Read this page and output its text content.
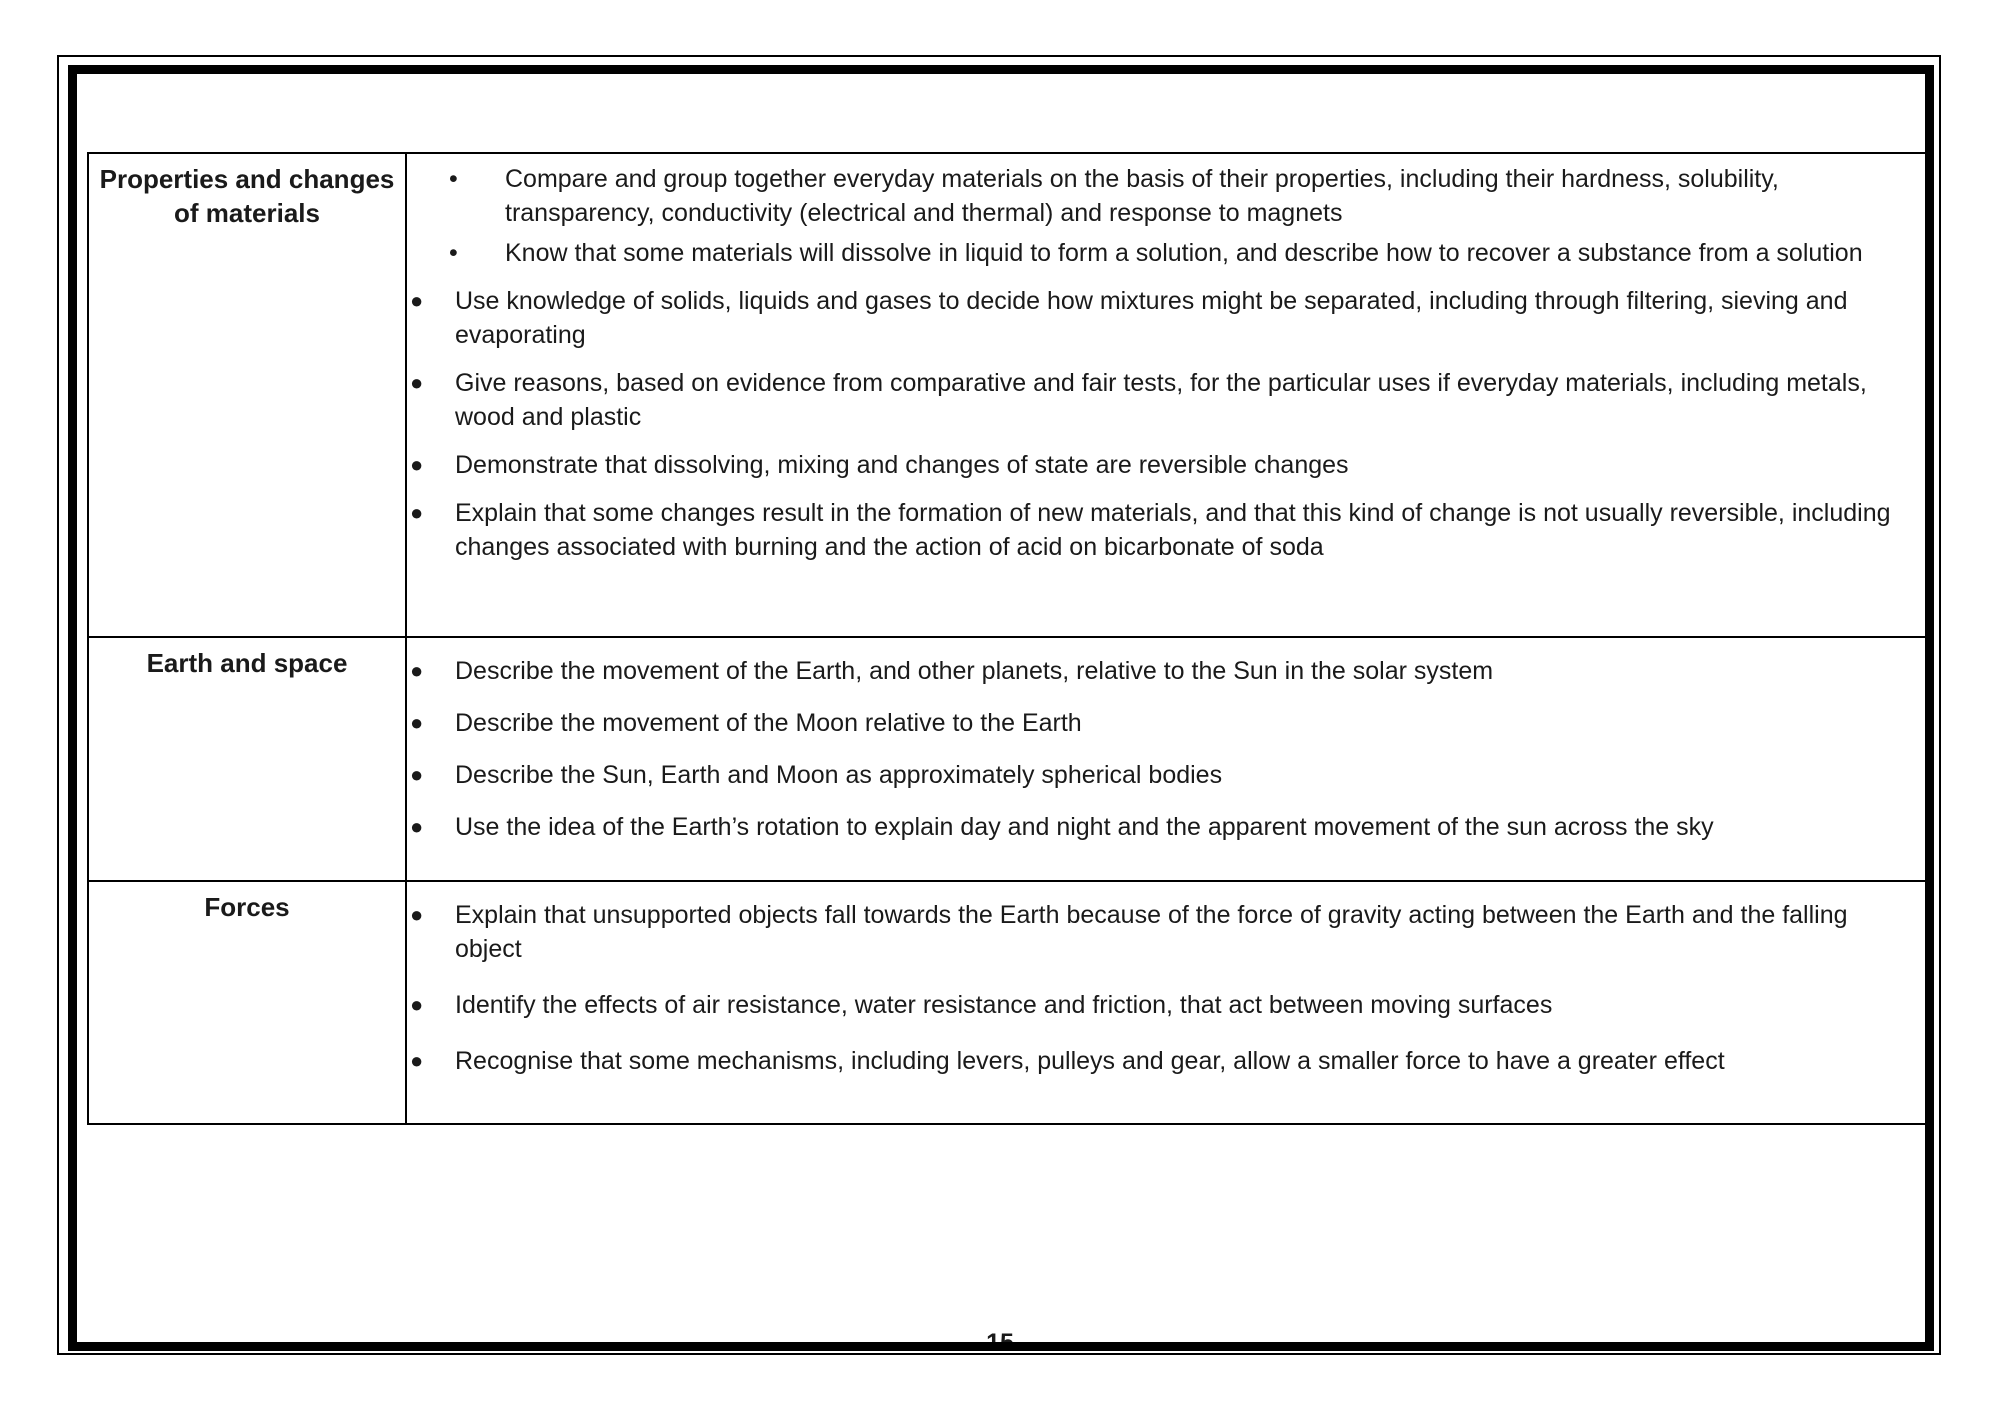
15
Properties and changes of materials
•	Compare and group together everyday materials on the basis of their properties, including their hardness, solubility, transparency, conductivity (electrical and thermal) and response to magnets
•	Know that some materials will dissolve in liquid to form a solution, and describe how to recover a substance from a solution
●	Use knowledge of solids, liquids and gases to decide how mixtures might be separated, including through filtering, sieving and evaporating
●	Give reasons, based on evidence from comparative and fair tests, for the particular uses if everyday materials, including metals, wood and plastic
●	Demonstrate that dissolving, mixing and changes of state are reversible changes
●	Explain that some changes result in the formation of new materials, and that this kind of change is not usually reversible, including changes associated with burning and the action of acid on bicarbonate of soda
Earth and space	●	Describe the movement of the Earth, and other planets, relative to the Sun in the solar system
●	Describe the movement of the Moon relative to the Earth
●	Describe the Sun, Earth and Moon as approximately spherical bodies
●	Use the idea of the Earth’s rotation to explain day and night and the apparent movement of the sun across the sky
Forces	●	Explain that unsupported objects fall towards the Earth because of the force of gravity acting between the Earth and the falling object
●	Identify the effects of air resistance, water resistance and friction, that act between moving surfaces
●	Recognise that some mechanisms, including levers, pulleys and gear, allow a smaller force to have a greater effect
